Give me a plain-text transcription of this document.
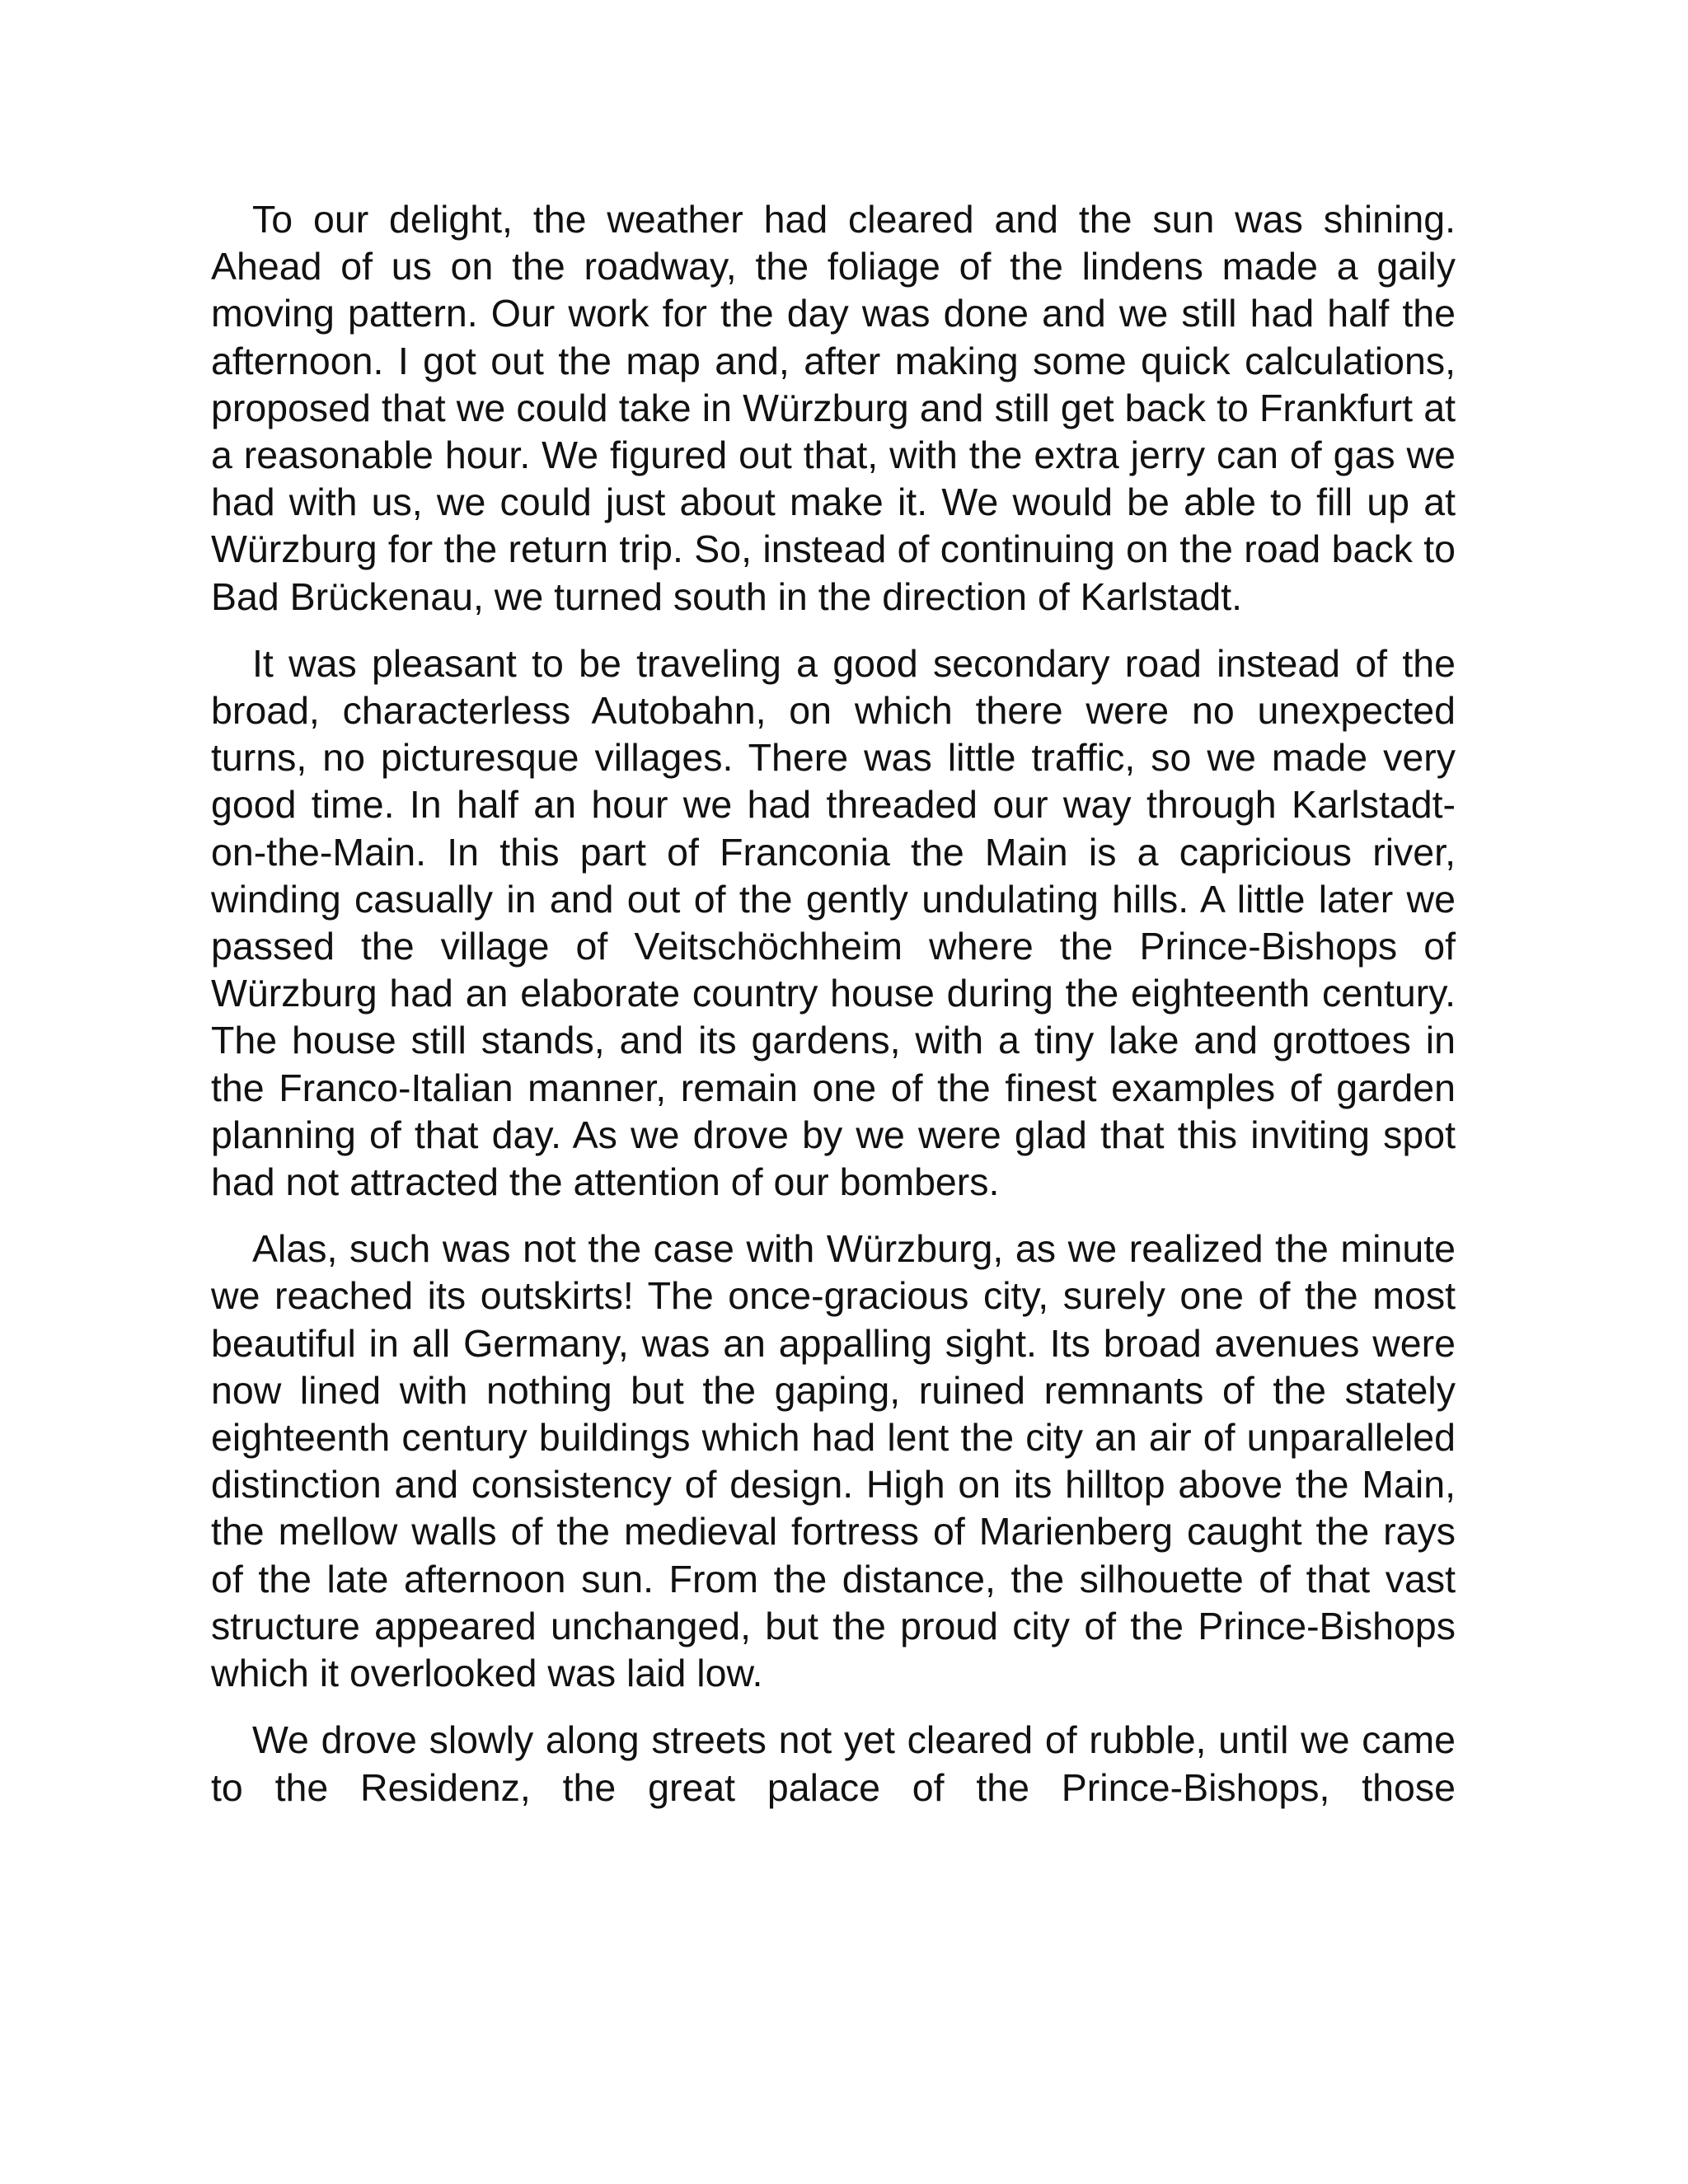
To our delight, the weather had cleared and the sun was shining. Ahead of us on the roadway, the foliage of the lindens made a gaily moving pattern. Our work for the day was done and we still had half the afternoon. I got out the map and, after making some quick calculations, proposed that we could take in Würzburg and still get back to Frankfurt at a reasonable hour. We figured out that, with the extra jerry can of gas we had with us, we could just about make it. We would be able to fill up at Würzburg for the return trip. So, instead of continuing on the road back to Bad Brückenau, we turned south in the direction of Karlstadt.

It was pleasant to be traveling a good secondary road instead of the broad, characterless Autobahn, on which there were no unexpected turns, no picturesque villages. There was little traffic, so we made very good time. In half an hour we had threaded our way through Karlstadt-on-the-Main. In this part of Franconia the Main is a capricious river, winding casually in and out of the gently undulating hills. A little later we passed the village of Veitschöchheim where the Prince-Bishops of Würzburg had an elaborate country house during the eighteenth century. The house still stands, and its gardens, with a tiny lake and grottoes in the Franco-Italian manner, remain one of the finest examples of garden planning of that day. As we drove by we were glad that this inviting spot had not attracted the attention of our bombers.

Alas, such was not the case with Würzburg, as we realized the minute we reached its outskirts! The once-gracious city, surely one of the most beautiful in all Germany, was an appalling sight. Its broad avenues were now lined with nothing but the gaping, ruined remnants of the stately eighteenth century buildings which had lent the city an air of unparalleled distinction and consistency of design. High on its hilltop above the Main, the mellow walls of the medieval fortress of Marienberg caught the rays of the late afternoon sun. From the distance, the silhouette of that vast structure appeared unchanged, but the proud city of the Prince-Bishops which it overlooked was laid low.

We drove slowly along streets not yet cleared of rubble, until we came to the Residenz, the great palace of the Prince-Bishops, those
